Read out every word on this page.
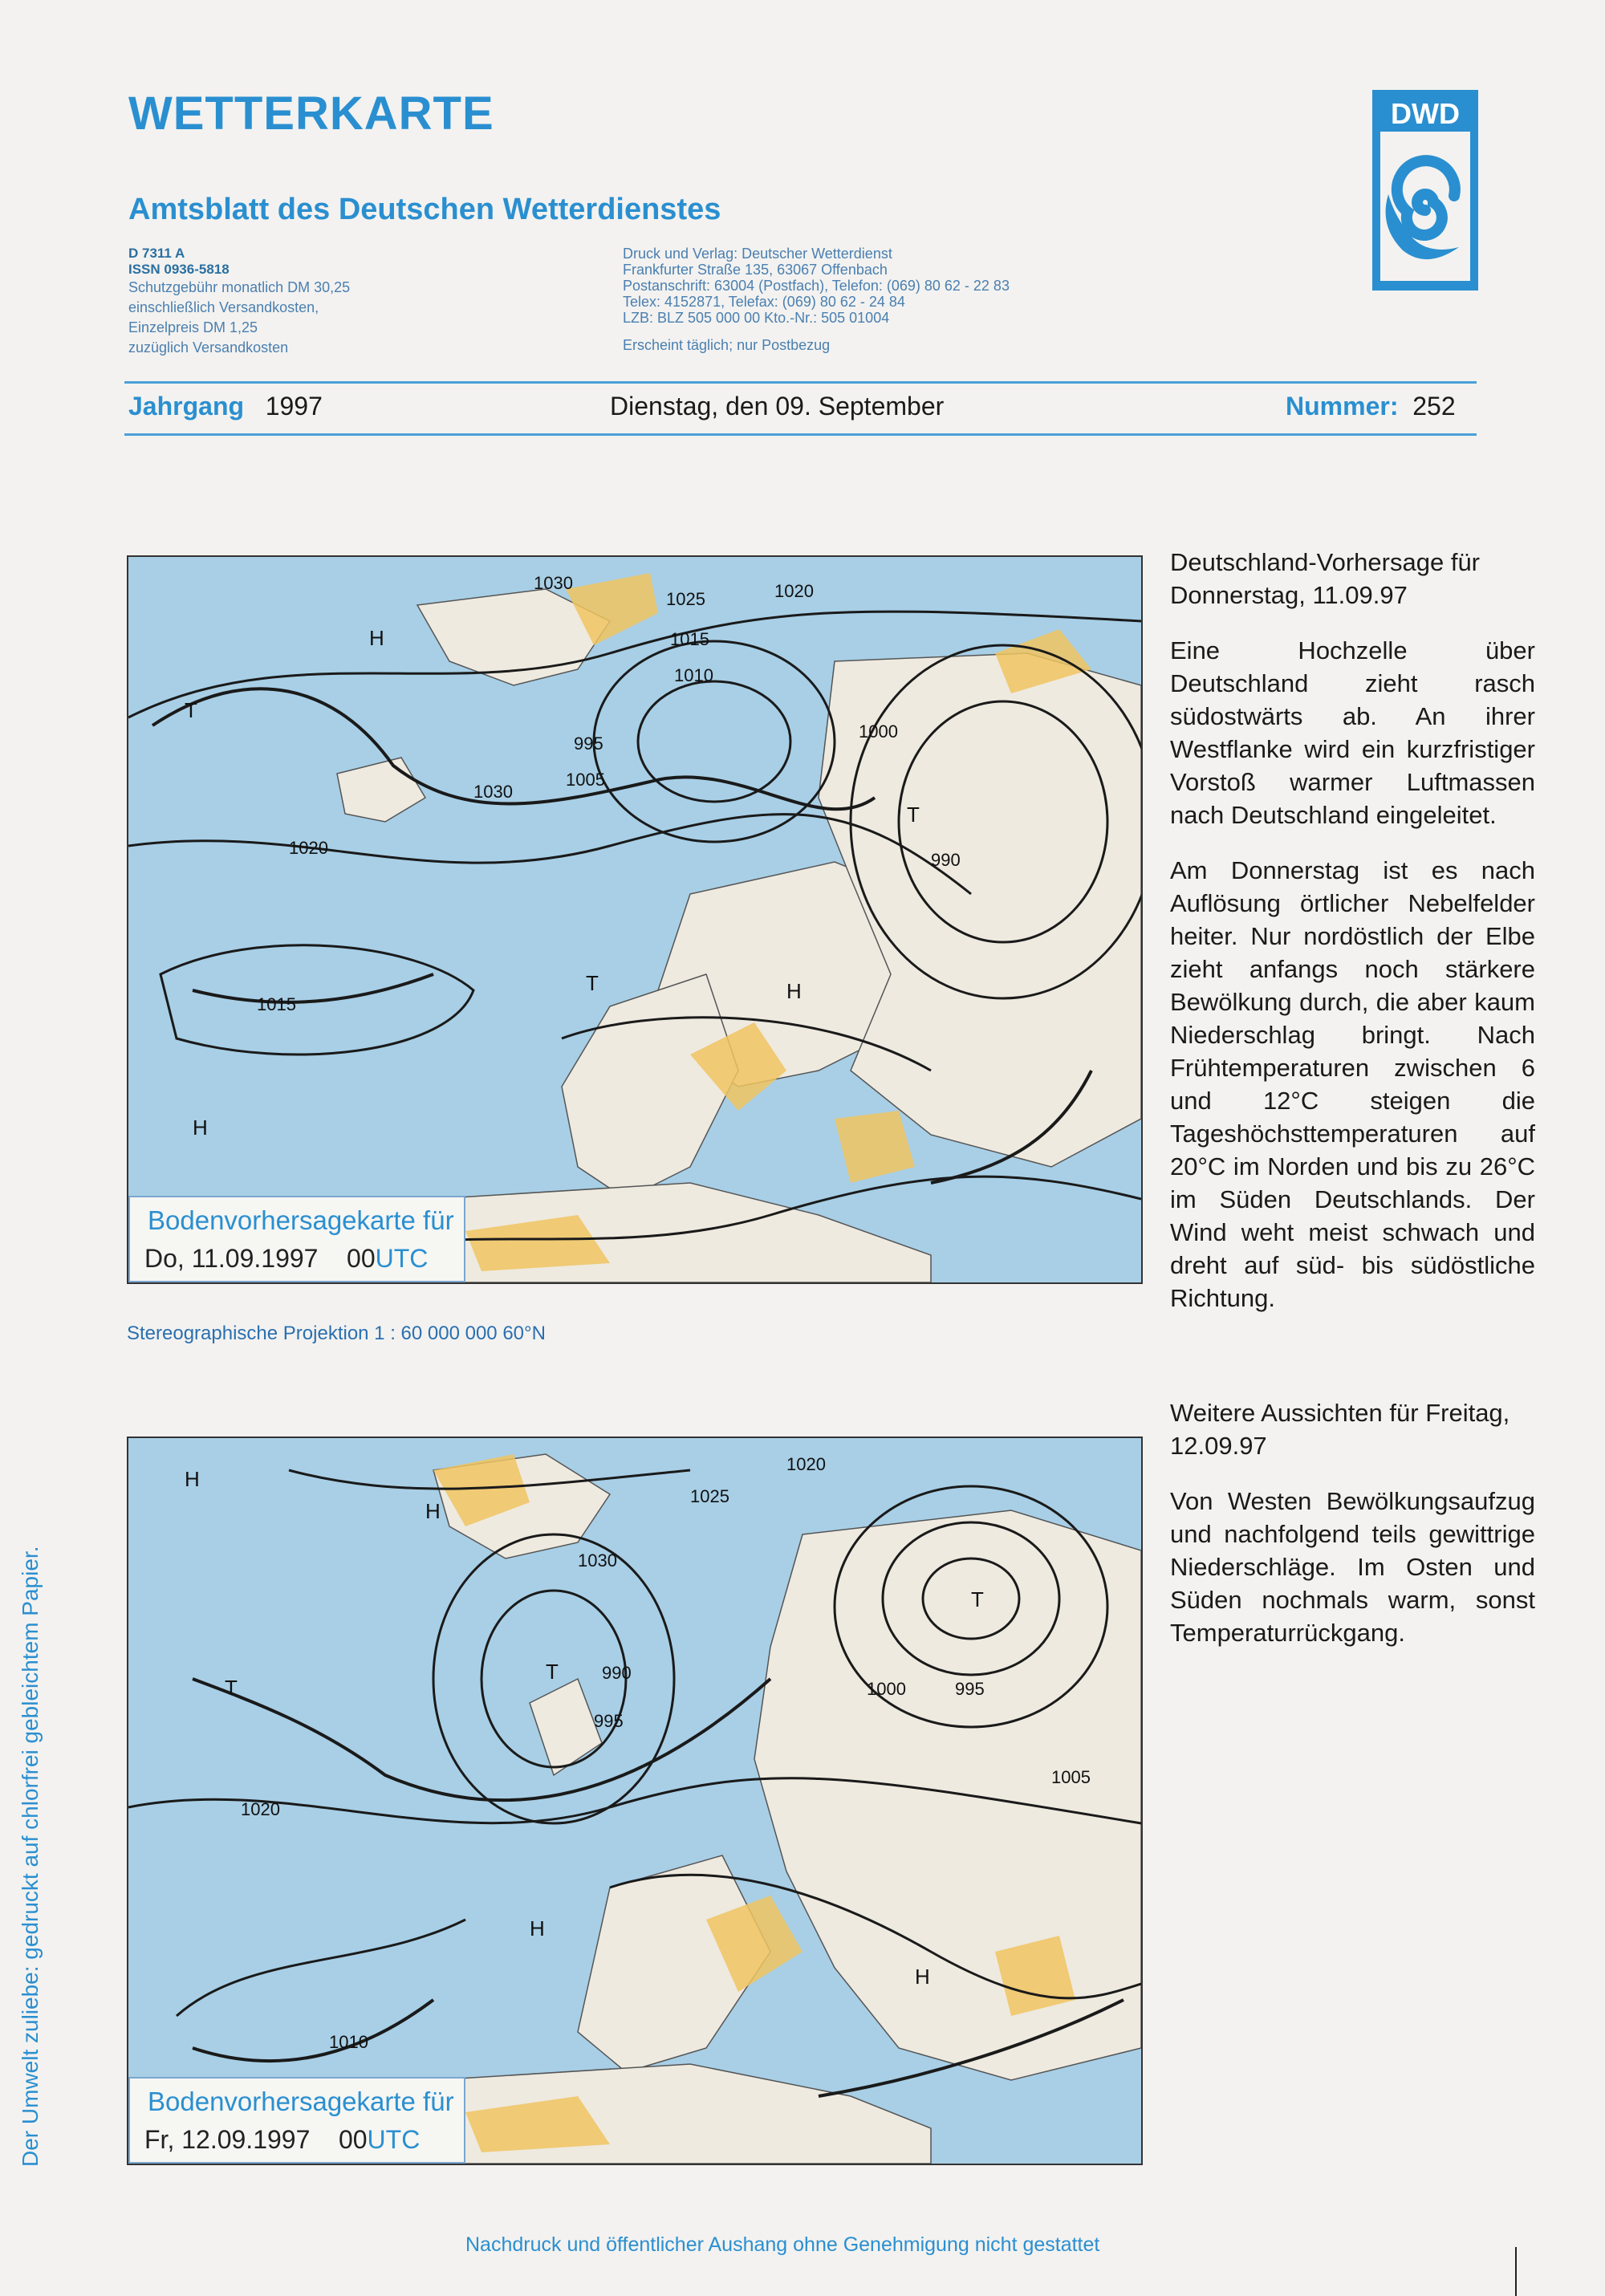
WETTERKARTE
Amtsblatt des Deutschen Wetterdienstes
DWD
D 7311 A
ISSN 0936-5818
Schutzgebühr monatlich DM 30,25
einschließlich Versandkosten,
Einzelpreis DM 1,25
zuzüglich Versandkosten
Druck und Verlag: Deutscher Wetterdienst
Frankfurter Straße 135, 63067 Offenbach
Postanschrift: 63004 (Postfach), Telefon: (069) 80 62 - 22 83
Telex: 4152871, Telefax: (069) 80 62 - 24 84
LZB: BLZ 505 000 00 Kto.-Nr.: 505 01004
Erscheint täglich; nur Postbezug
Jahrgang 1997	Dienstag, den 09. September	Nummer: 252
1030
1025	1020
1015
1010
1005
1000
995
990
1020
1015
1030
H
H
H
T
T
T
Bodenvorhersagekarte für
Do, 11.09.1997 00UTC
Stereographische Projektion 1 : 60 000 000 60°N
H
H
H
H
T
T
T
1030
1025
1020
990
995
995
1000
1005
1020
1010
Bodenvorhersagekarte für
Fr, 12.09.1997 00UTC

Deutschland-Vorhersage für Donnerstag, 11.09.97

Eine Hochzelle über Deutschland zieht rasch südostwärts ab. An ihrer Westflanke wird ein kurzfristiger Vorstoß warmer Luftmassen nach Deutschland eingeleitet.

Am Donnerstag ist es nach Auflösung örtlicher Nebelfelder heiter. Nur nordöstlich der Elbe zieht anfangs noch stärkere Bewölkung durch, die aber kaum Niederschlag bringt. Nach Frühtemperaturen zwischen 6 und 12°C steigen die Tageshöchsttemperaturen auf 20°C im Norden und bis zu 26°C im Süden Deutschlands. Der Wind weht meist schwach und dreht auf süd- bis südöstliche Richtung.

Weitere Aussichten für Freitag, 12.09.97

Von Westen Bewölkungsaufzug und nachfolgend teils gewittrige Niederschläge. Im Osten und Süden nochmals warm, sonst Temperaturrückgang.

Der Umwelt zuliebe: gedruckt auf chlorfrei gebleichtem Papier.
Nachdruck und öffentlicher Aushang ohne Genehmigung nicht gestattet
